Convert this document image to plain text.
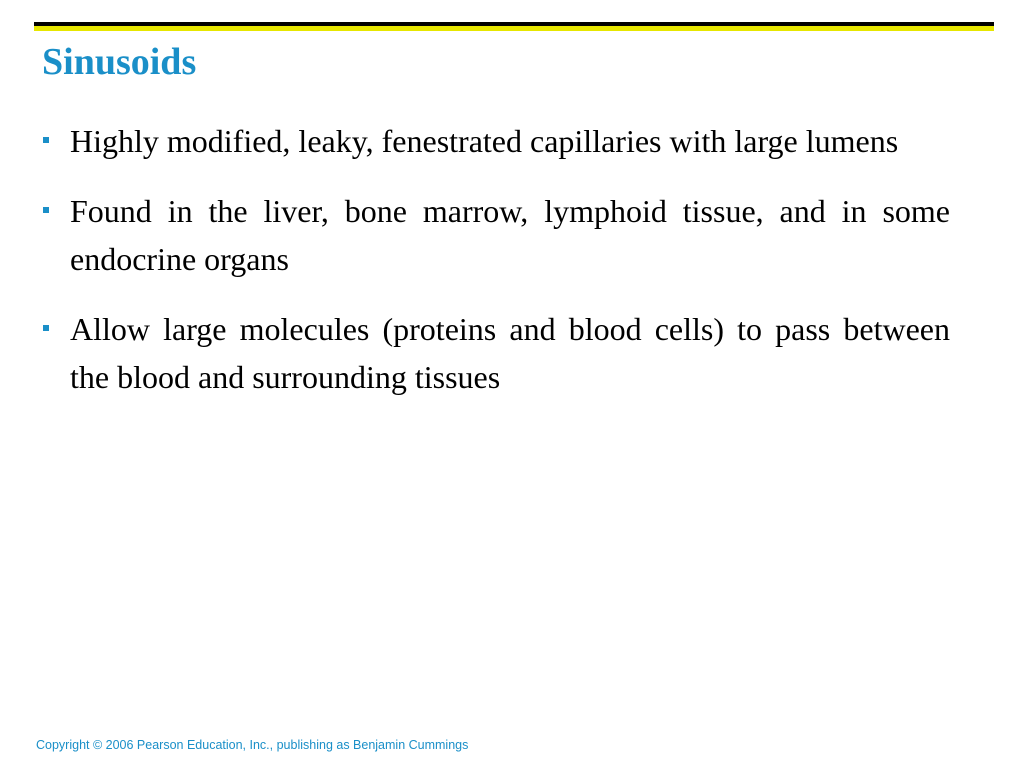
Sinusoids
Highly modified, leaky, fenestrated capillaries with large lumens
Found in the liver, bone marrow, lymphoid tissue, and in some endocrine organs
Allow large molecules (proteins and blood cells) to pass between the blood and surrounding tissues
Copyright © 2006 Pearson Education, Inc., publishing as Benjamin Cummings
